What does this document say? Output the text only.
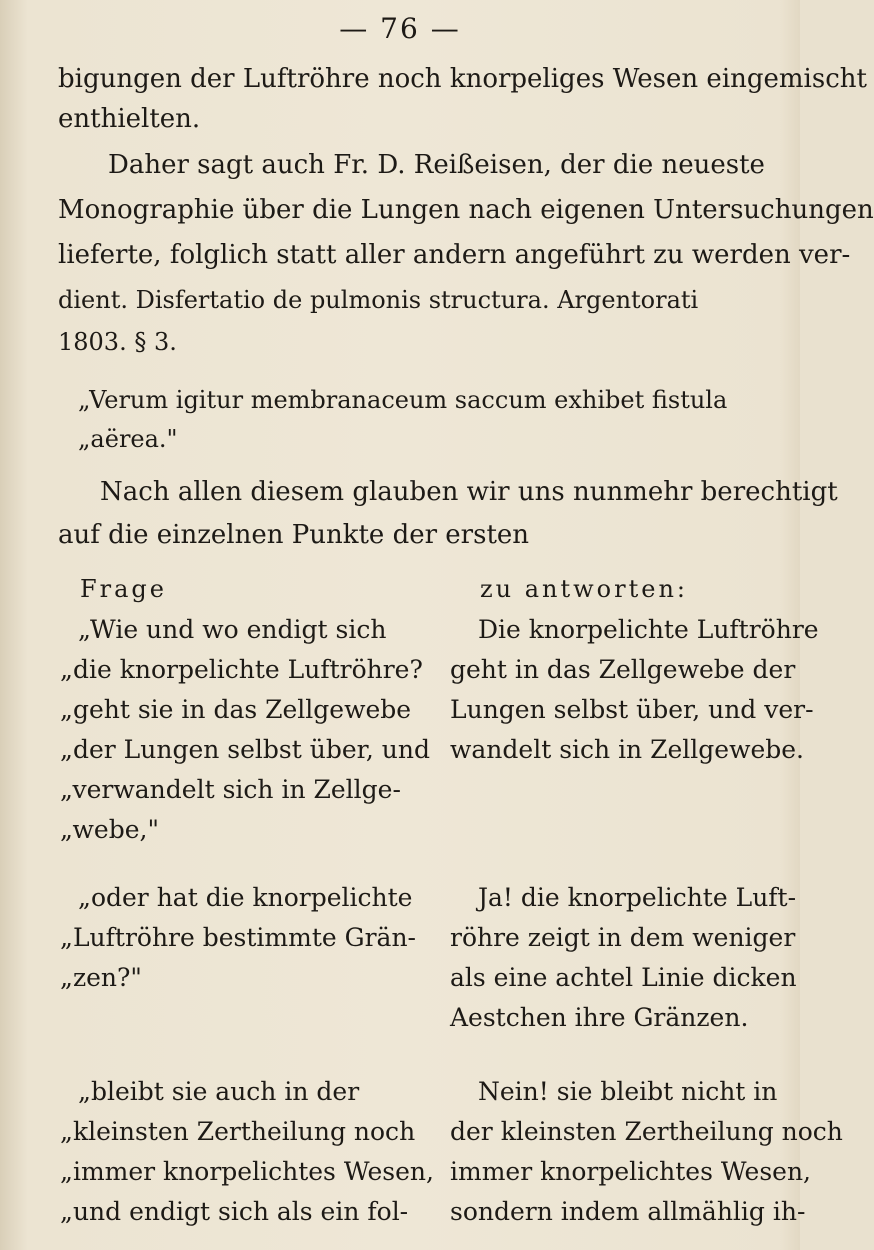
— 76 —
bigungen der Luftröhre noch knorpeliges Wesen eingemischt
enthielten.
Daher sagt auch Fr. D. Reißeisen, der die neueste
Monographie über die Lungen nach eigenen Untersuchungen
lieferte, folglich statt aller andern angeführt zu werden ver-
dient. Disfertatio de pulmonis structura. Argentorati
1803. § 3.
„Verum igitur membranaceum saccum exhibet fistula
„aërea."
Nach allen diesem glauben wir uns nunmehr berechtigt
auf die einzelnen Punkte der ersten
Frage	zu antworten:
„Wie und wo endigt sich
„die knorpelichte Luftröhre?
„geht sie in das Zellgewebe
„der Lungen selbst über, und
„verwandelt sich in Zellge-
„webe,"
Die knorpelichte Luftröhre
geht in das Zellgewebe der
Lungen selbst über, und ver-
wandelt sich in Zellgewebe.
„oder hat die knorpelichte
„Luftröhre bestimmte Grän-
„zen?"
Ja! die knorpelichte Luft-
röhre zeigt in dem weniger
als eine achtel Linie dicken
Aestchen ihre Gränzen.
„bleibt sie auch in der
„kleinsten Zertheilung noch
„immer knorpelichtes Wesen,
„und endigt sich als ein fol-
Nein! sie bleibt nicht in
der kleinsten Zertheilung noch
immer knorpelichtes Wesen,
sondern indem allmählig ih-
